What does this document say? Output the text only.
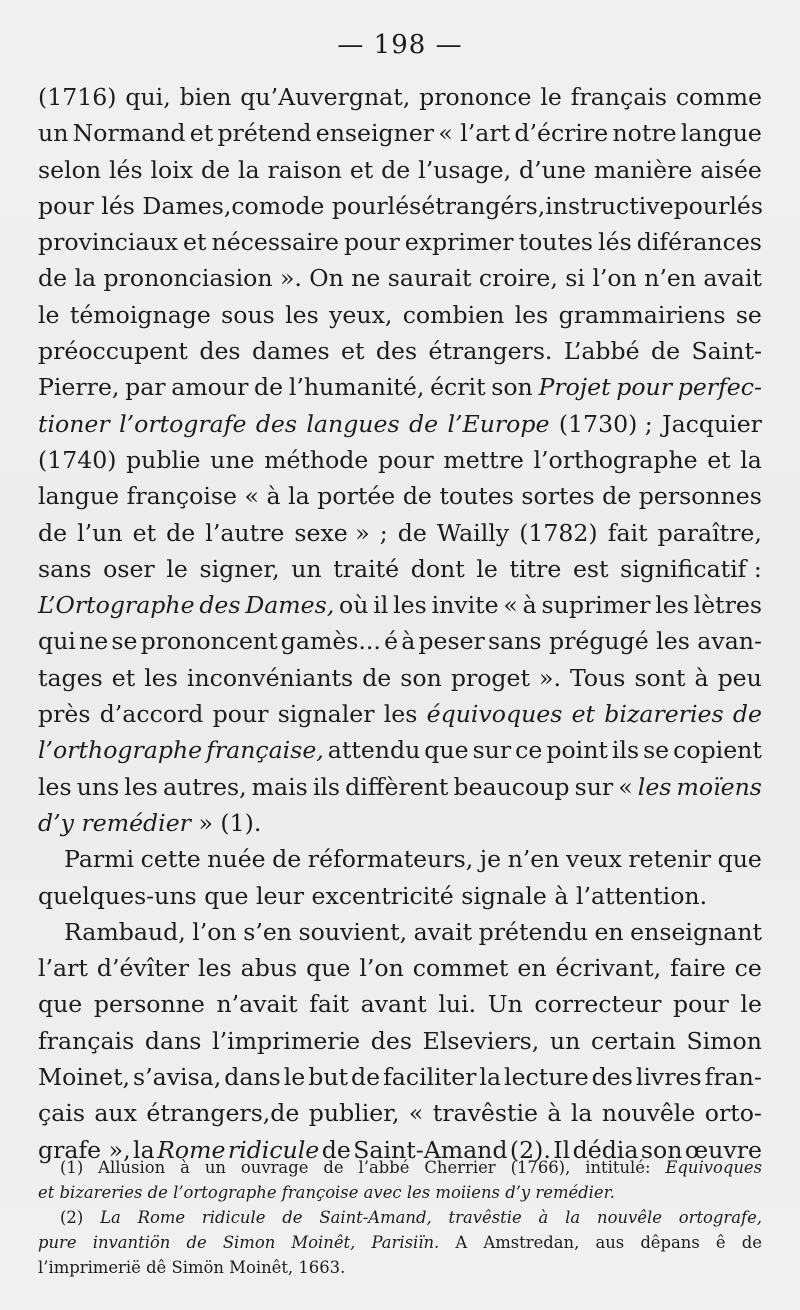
— 198 —
(1716) qui, bien qu’Auvergnat, prononce le français comme
un Normand et prétend enseigner « l’art d’écrire notre langue
selon lés loix de la raison et de l’usage, d’une manière aisée
pour lés Dames, comode pour lés étrangérs, instructive pour lés
provinciaux et nécessaire pour exprimer toutes lés diférances
de la prononciasion ». On ne saurait croire, si l’on n’en avait
le témoignage sous les yeux, combien les grammairiens se
préoccupent des dames et des étrangers. L’abbé de Saint-
Pierre, par amour de l’humanité, écrit son Projet pour perfec-
tioner l’ortografe des langues de l’Europe (1730) ; Jacquier
(1740) publie une méthode pour mettre l’orthographe et la
langue françoise « à la portée de toutes sortes de personnes
de l’un et de l’autre sexe » ; de Wailly (1782) fait paraître,
sans oser le signer, un traité dont le titre est significatif :
L’Ortographe des Dames, où il les invite « à suprimer les lètres
qui ne se prononcent gamès... é à peser sans prégugé les avan-
tages et les inconvéniants de son proget ». Tous sont à peu
près d’accord pour signaler les équivoques et bizareries de
l’orthographe française, attendu que sur ce point ils se copient
les uns les autres, mais ils diffèrent beaucoup sur « les moïens
d’y remédier » (1).
Parmi cette nuée de réformateurs, je n’en veux retenir que
quelques-uns que leur excentricité signale à l’attention.
Rambaud, l’on s’en souvient, avait prétendu en enseignant
l’art d’évîter les abus que l’on commet en écrivant, faire ce
que personne n’avait fait avant lui. Un correcteur pour le
français dans l’imprimerie des Elseviers, un certain Simon
Moinet, s’avisa, dans le but de faciliter la lecture des livres fran-
çais aux étrangers,de publier, « travêstie à la nouvêle orto-
grafe », la Rome ridicule de Saint-Amand (2). Il dédia son œuvre
(1) Allusion à un ouvrage de l’abbé Cherrier (1766), intitulé: Equivoques
et bizareries de l’ortographe françoise avec les moiiens d’y remédier.
(2) La Rome ridicule de Saint-Amand, travêstie à la nouvêle ortografe,
pure invantiön de Simon Moinêt, Parisiïn. A Amstredan, aus dêpans ê de
l’imprimerië dê Simön Moinêt, 1663.
